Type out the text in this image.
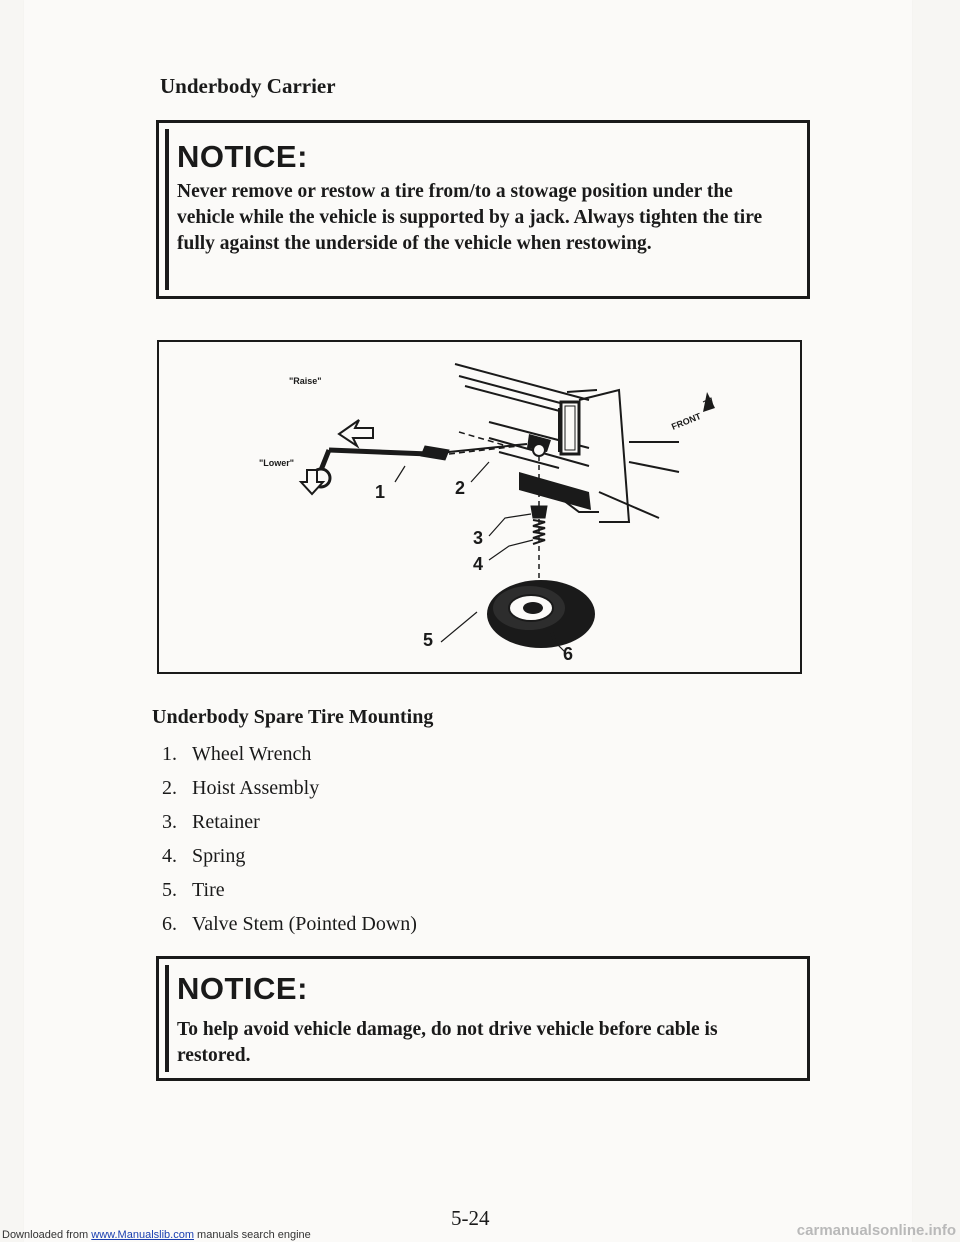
Underbody Carrier
NOTICE:
Never remove or restow a tire from/to a stowage position under the vehicle while the vehicle is supported by a jack. Always tighten the tire fully against the underside of the vehicle when restowing.
"Raise"
"Lower"
FRONT
1	2
3
4
5
6
Underbody Spare Tire Mounting
1. Wheel Wrench
2. Hoist Assembly
3. Retainer
4. Spring
5. Tire
6. Valve Stem (Pointed Down)
NOTICE:
To help avoid vehicle damage, do not drive vehicle before cable is restored.
5-24
Downloaded from www.Manualslib.com manuals search engine	carmanualsonline.info
